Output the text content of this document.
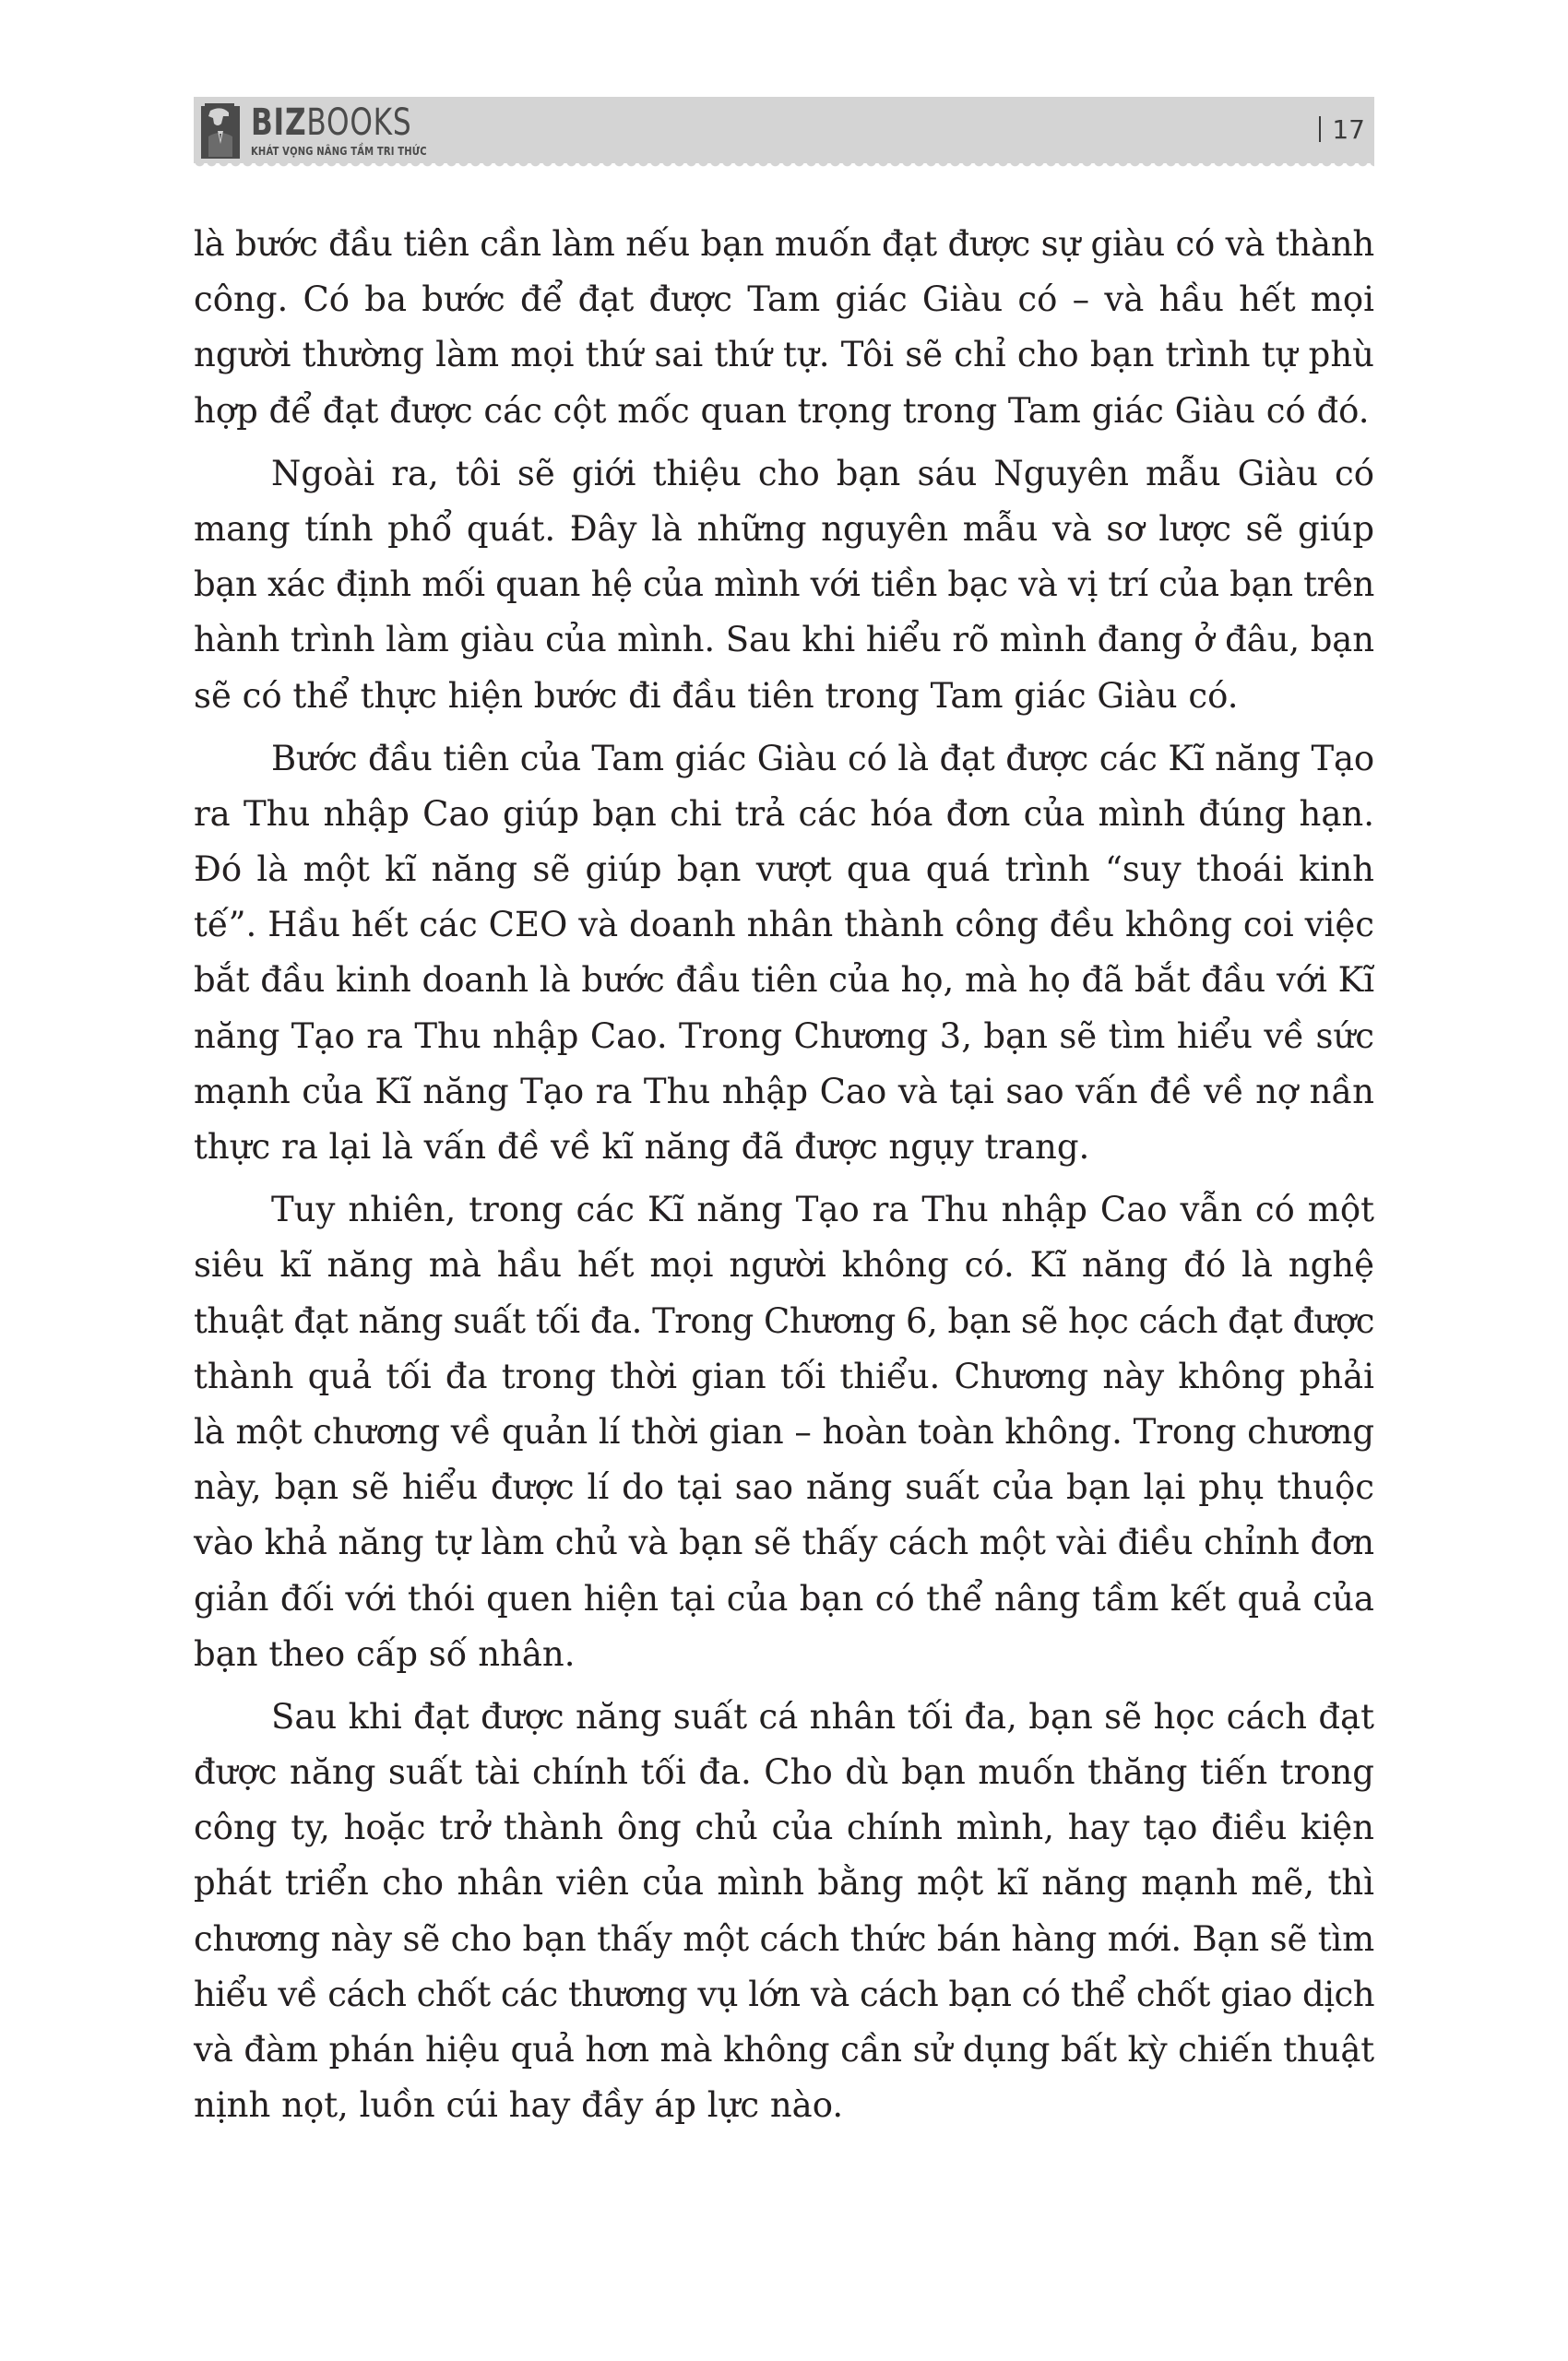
BIZBOOKS
KHÁT VỌNG NÂNG TẦM TRI THỨC
17
là bước đầu tiên cần làm nếu bạn muốn đạt được sự giàu có và thành
công. Có ba bước để đạt được Tam giác Giàu có – và hầu hết mọi
người thường làm mọi thứ sai thứ tự. Tôi sẽ chỉ cho bạn trình tự phù
hợp để đạt được các cột mốc quan trọng trong Tam giác Giàu có đó.
Ngoài ra, tôi sẽ giới thiệu cho bạn sáu Nguyên mẫu Giàu có
mang tính phổ quát. Đây là những nguyên mẫu và sơ lược sẽ giúp
bạn xác định mối quan hệ của mình với tiền bạc và vị trí của bạn trên
hành trình làm giàu của mình. Sau khi hiểu rõ mình đang ở đâu, bạn
sẽ có thể thực hiện bước đi đầu tiên trong Tam giác Giàu có.
Bước đầu tiên của Tam giác Giàu có là đạt được các Kĩ năng Tạo
ra Thu nhập Cao giúp bạn chi trả các hóa đơn của mình đúng hạn.
Đó là một kĩ năng sẽ giúp bạn vượt qua quá trình “suy thoái kinh
tế”. Hầu hết các CEO và doanh nhân thành công đều không coi việc
bắt đầu kinh doanh là bước đầu tiên của họ, mà họ đã bắt đầu với Kĩ
năng Tạo ra Thu nhập Cao. Trong Chương 3, bạn sẽ tìm hiểu về sức
mạnh của Kĩ năng Tạo ra Thu nhập Cao và tại sao vấn đề về nợ nần
thực ra lại là vấn đề về kĩ năng đã được ngụy trang.
Tuy nhiên, trong các Kĩ năng Tạo ra Thu nhập Cao vẫn có một
siêu kĩ năng mà hầu hết mọi người không có. Kĩ năng đó là nghệ
thuật đạt năng suất tối đa. Trong Chương 6, bạn sẽ học cách đạt được
thành quả tối đa trong thời gian tối thiểu. Chương này không phải
là một chương về quản lí thời gian – hoàn toàn không. Trong chương
này, bạn sẽ hiểu được lí do tại sao năng suất của bạn lại phụ thuộc
vào khả năng tự làm chủ và bạn sẽ thấy cách một vài điều chỉnh đơn
giản đối với thói quen hiện tại của bạn có thể nâng tầm kết quả của
bạn theo cấp số nhân.
Sau khi đạt được năng suất cá nhân tối đa, bạn sẽ học cách đạt
được năng suất tài chính tối đa. Cho dù bạn muốn thăng tiến trong
công ty, hoặc trở thành ông chủ của chính mình, hay tạo điều kiện
phát triển cho nhân viên của mình bằng một kĩ năng mạnh mẽ, thì
chương này sẽ cho bạn thấy một cách thức bán hàng mới. Bạn sẽ tìm
hiểu về cách chốt các thương vụ lớn và cách bạn có thể chốt giao dịch
và đàm phán hiệu quả hơn mà không cần sử dụng bất kỳ chiến thuật
nịnh nọt, luồn cúi hay đầy áp lực nào.
